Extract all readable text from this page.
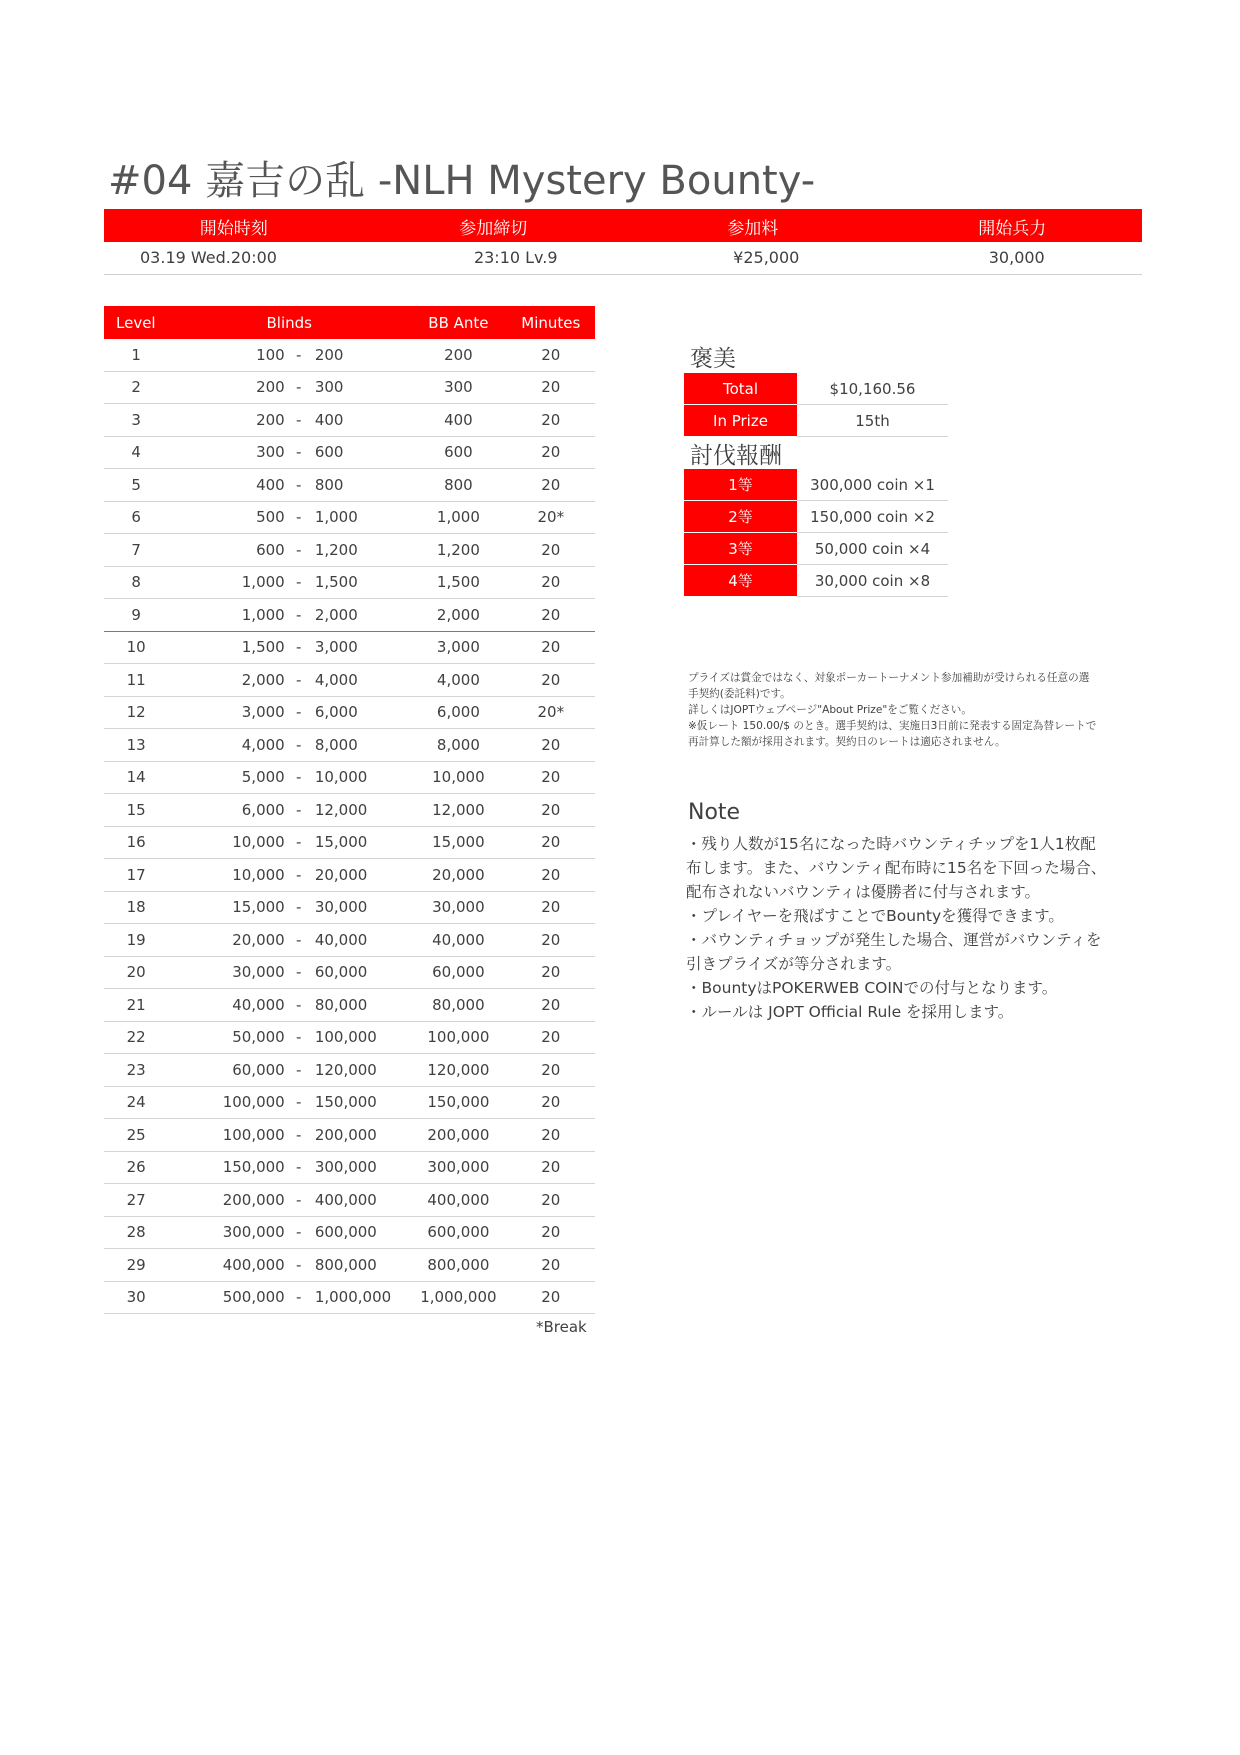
#04 嘉吉の乱 -NLH Mystery Bounty-
開始時刻	参加締切	参加料	開始兵力
03.19 Wed.20:00	23:10 Lv.9	¥25,000	30,000
Level	Blinds			BB Ante	Minutes
1	100	-	200	200	20
2	200	-	300	300	20
3	200	-	400	400	20
4	300	-	600	600	20
5	400	-	800	800	20
6	500	-	1,000	1,000	20*
7	600	-	1,200	1,200	20
8	1,000	-	1,500	1,500	20
9	1,000	-	2,000	2,000	20
10	1,500	-	3,000	3,000	20
11	2,000	-	4,000	4,000	20
12	3,000	-	6,000	6,000	20*
13	4,000	-	8,000	8,000	20
14	5,000	-	10,000	10,000	20
15	6,000	-	12,000	12,000	20
16	10,000	-	15,000	15,000	20
17	10,000	-	20,000	20,000	20
18	15,000	-	30,000	30,000	20
19	20,000	-	40,000	40,000	20
20	30,000	-	60,000	60,000	20
21	40,000	-	80,000	80,000	20
22	50,000	-	100,000	100,000	20
23	60,000	-	120,000	120,000	20
24	100,000	-	150,000	150,000	20
25	100,000	-	200,000	200,000	20
26	150,000	-	300,000	300,000	20
27	200,000	-	400,000	400,000	20
28	300,000	-	600,000	600,000	20
29	400,000	-	800,000	800,000	20
30	500,000	-	1,000,000	1,000,000	20
*Break
褒美
Total	$10,160.56
In Prize	15th
討伐報酬
1等	300,000 coin ×1
2等	150,000 coin ×2
3等	50,000 coin ×4
4等	30,000 coin ×8
プライズは賞金ではなく、対象ポーカートーナメント参加補助が受けられる任意の選
手契約(委託料)です。
詳しくはJOPTウェブページ"About Prize"をご覧ください。
※仮レート 150.00/$ のとき。選手契約は、実施日3日前に発表する固定為替レートで
再計算した額が採用されます。契約日のレートは適応されません。
Note
・残り人数が15名になった時バウンティチップを1人1枚配
布します。また、バウンティ配布時に15名を下回った場合、
配布されないバウンティは優勝者に付与されます。
・プレイヤーを飛ばすことでBountyを獲得できます。
・バウンティチョップが発生した場合、運営がバウンティを
引きプライズが等分されます。
・BountyはPOKERWEB COINでの付与となります。
・ルールは JOPT Official Rule を採用します。
